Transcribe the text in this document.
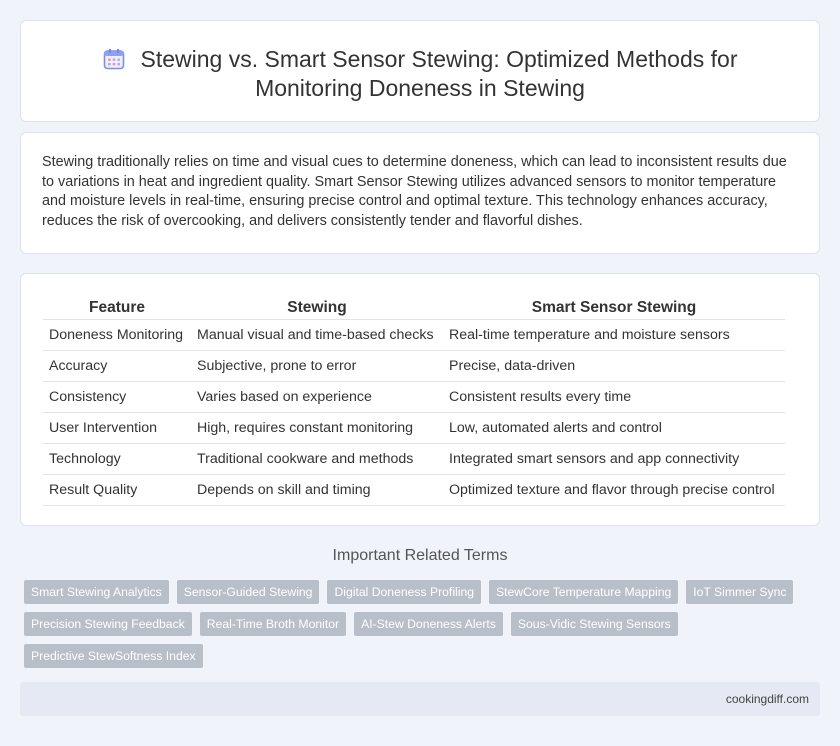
Stewing vs. Smart Sensor Stewing: Optimized Methods for Monitoring Doneness in Stewing

Stewing traditionally relies on time and visual cues to determine doneness, which can lead to inconsistent results due to variations in heat and ingredient quality. Smart Sensor Stewing utilizes advanced sensors to monitor temperature and moisture levels in real-time, ensuring precise control and optimal texture. This technology enhances accuracy, reduces the risk of overcooking, and delivers consistently tender and flavorful dishes.

Feature	Stewing	Smart Sensor Stewing
Doneness Monitoring	Manual visual and time-based checks	Real-time temperature and moisture sensors
Accuracy	Subjective, prone to error	Precise, data-driven
Consistency	Varies based on experience	Consistent results every time
User Intervention	High, requires constant monitoring	Low, automated alerts and control
Technology	Traditional cookware and methods	Integrated smart sensors and app connectivity
Result Quality	Depends on skill and timing	Optimized texture and flavor through precise control
Important Related Terms
Smart Stewing Analytics	Sensor-Guided Stewing	Digital Doneness Profiling	StewCore Temperature Mapping	IoT Simmer Sync
Precision Stewing Feedback	Real-Time Broth Monitor	AI-Stew Doneness Alerts	Sous-Vidic Stewing Sensors
Predictive StewSoftness Index
cookingdiff.com
